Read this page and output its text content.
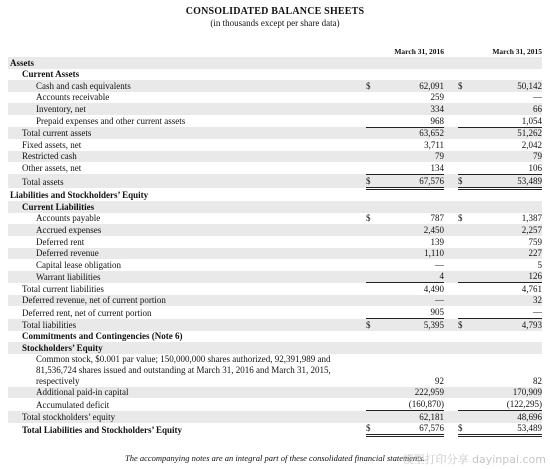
CONSOLIDATED BALANCE SHEETS
(in thousands except per share data)
	March 31, 2016			March 31, 2015	
Assets					
Current Assets					
Cash and cash equivalents	$	62,091		$	50,142
Accounts receivable		259			—
Inventory, net		334			66
Prepaid expenses and other current assets		968			1,054
Total current assets		63,652			51,262
Fixed assets, net		3,711			2,042
Restricted cash		79			79
Other assets, net		134			106
Total assets	$	67,576		$	53,489
Liabilities and Stockholders’ Equity					
Current Liabilities					
Accounts payable	$	787		$	1,387
Accrued expenses		2,450			2,257
Deferred rent		139			759
Deferred revenue		1,110			227
Capital lease obligation		—			5
Warrant liabilities		4			126
Total current liabilities		4,490			4,761
Deferred revenue, net of current portion		—			32
Deferred rent, net of current portion		905			—
Total liabilities	$	5,395		$	4,793
Commitments and Contingencies (Note 6)					
Stockholders’ Equity					
Common stock, $0.001 par value; 150,000,000 shares authorized, 92,391,989 and 81,536,724 shares issued and outstanding at March 31, 2016 and March 31, 2015, respectively		92			82
Additional paid-in capital		222,959			170,909
Accumulated deficit		(160,870)			(122,295)
Total stockholders’ equity		62,181			48,696
Total Liabilities and Stockholders’ Equity	$	67,576		$	53,489
The accompanying notes are an integral part of these consolidated financial statements.
模型打印分享 dayinpai.com
